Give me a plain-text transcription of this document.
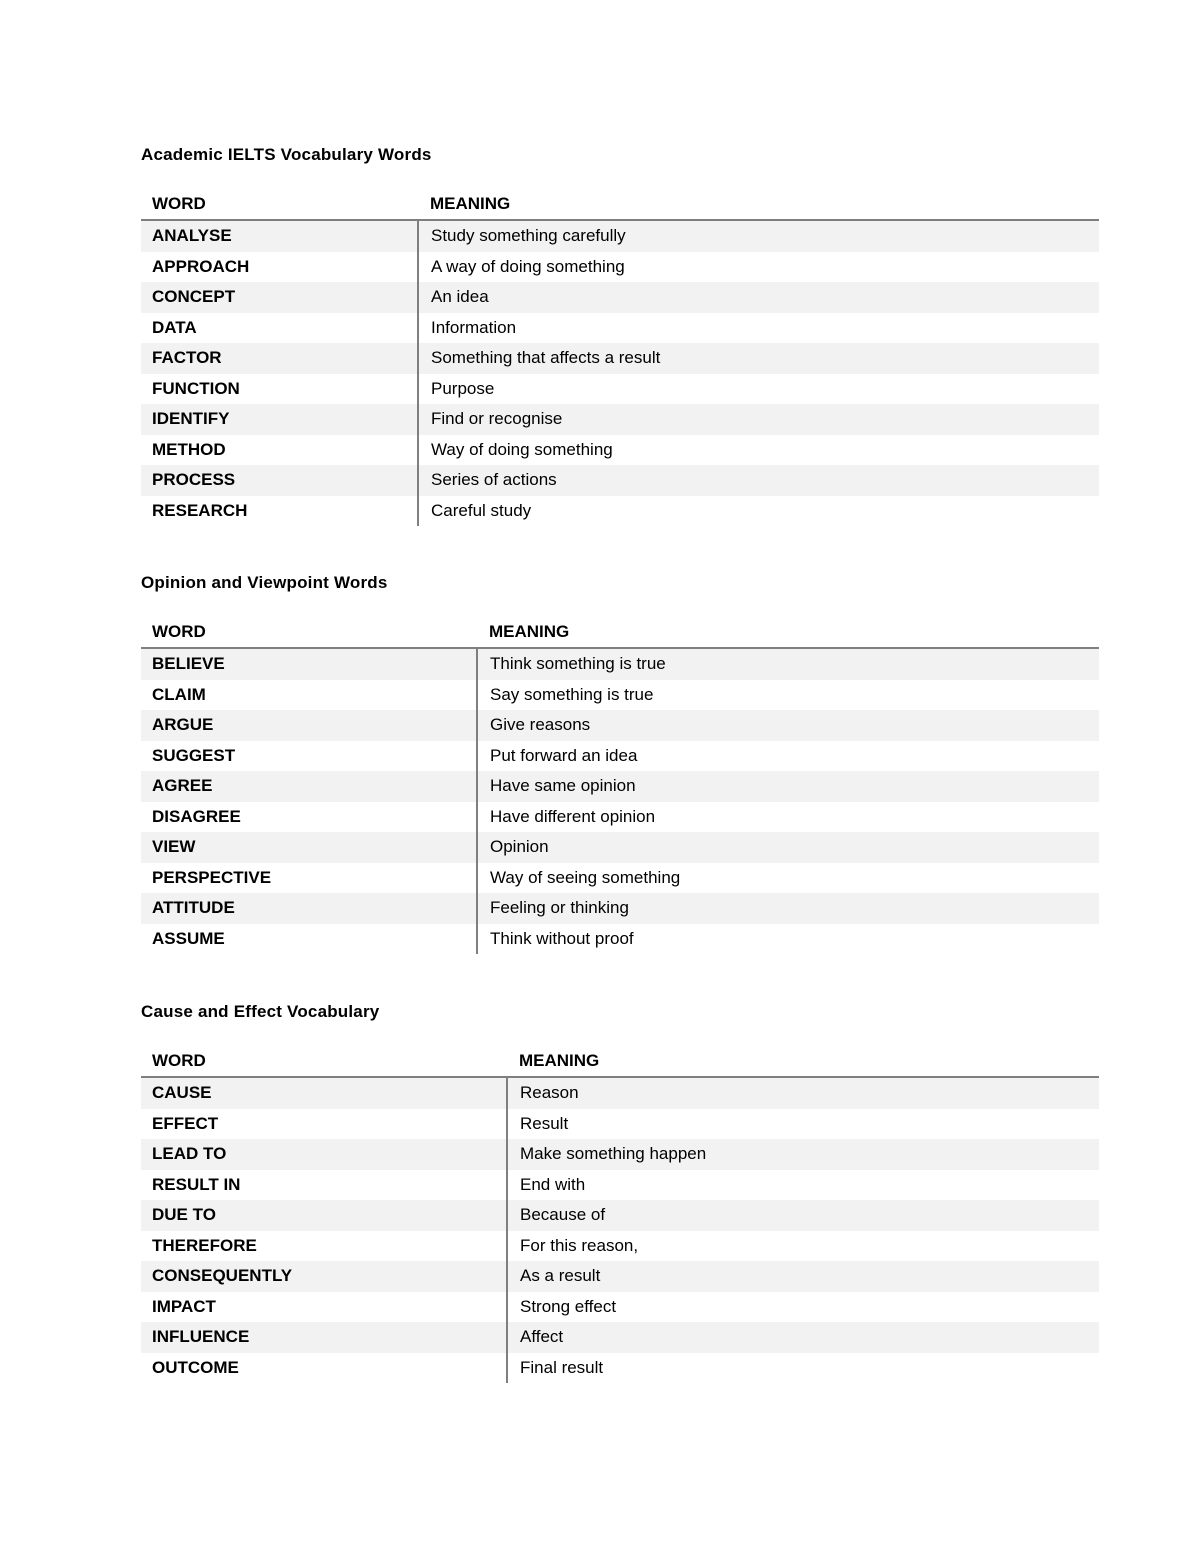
Academic IELTS Vocabulary Words
WORD	MEANING
ANALYSE	Study something carefully
APPROACH	A way of doing something
CONCEPT	An idea
DATA	Information
FACTOR	Something that affects a result
FUNCTION	Purpose
IDENTIFY	Find or recognise
METHOD	Way of doing something
PROCESS	Series of actions
RESEARCH	Careful study
Opinion and Viewpoint Words
WORD	MEANING
BELIEVE	Think something is true
CLAIM	Say something is true
ARGUE	Give reasons
SUGGEST	Put forward an idea
AGREE	Have same opinion
DISAGREE	Have different opinion
VIEW	Opinion
PERSPECTIVE	Way of seeing something
ATTITUDE	Feeling or thinking
ASSUME	Think without proof
Cause and Effect Vocabulary
WORD	MEANING
CAUSE	Reason
EFFECT	Result
LEAD TO	Make something happen
RESULT IN	End with
DUE TO	Because of
THEREFORE	For this reason,
CONSEQUENTLY	As a result
IMPACT	Strong effect
INFLUENCE	Affect
OUTCOME	Final result
